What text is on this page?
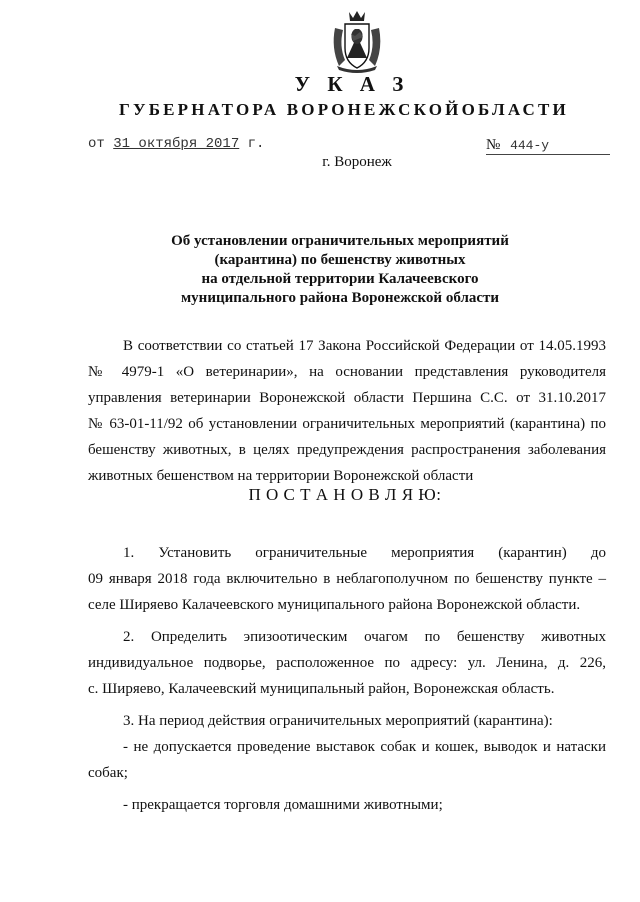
У К А З
ГУБЕРНАТОРА ВОРОНЕЖСКОЙОБЛАСТИ
от 31 октября 2017 г.	№ 444-у
г. Воронеж
Об установлении ограничительных мероприятий
(карантина) по бешенству животных
на отдельной территории Калачеевского
муниципального района Воронежской области
В соответствии со статьей 17 Закона Российской Федерации от 14.05.1993
№ 4979-1 «О ветеринарии», на основании представления руководителя
управления ветеринарии Воронежской области Першина С.С. от 31.10.2017
№ 63-01-11/92 об установлении ограничительных мероприятий (карантина) по
бешенству животных, в целях предупреждения распространения заболевания
животных бешенством на территории Воронежской области
П О С Т А Н О В Л Я Ю:
1. Установить ограничительные мероприятия (карантин) до
09 января 2018 года включительно в неблагополучном по бешенству пункте –
селе Ширяево Калачеевского муниципального района Воронежской области.
2. Определить эпизоотическим очагом по бешенству животных
индивидуальное подворье, расположенное по адресу: ул. Ленина, д. 226,
с. Ширяево, Калачеевский муниципальный район, Воронежская область.
3. На период действия ограничительных мероприятий (карантина):
- не допускается проведение выставок собак и кошек, выводок и натаски
собак;
- прекращается торговля домашними животными;
